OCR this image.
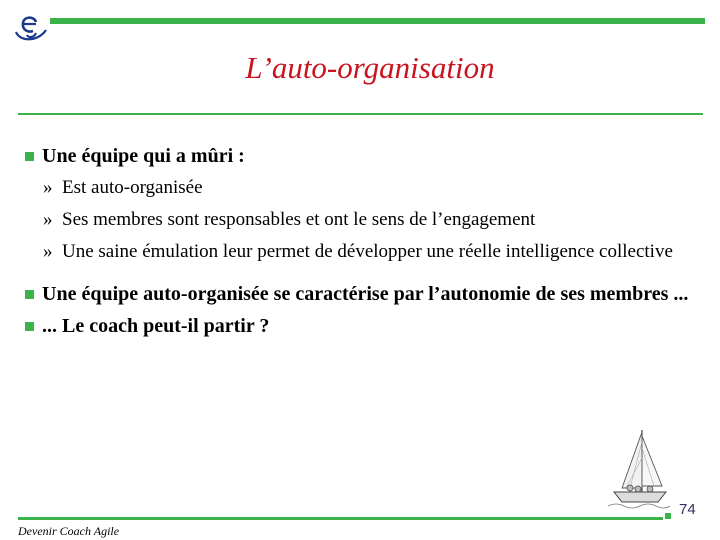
L’auto-organisation
Une équipe qui a mûri :
» Est auto-organisée
» Ses membres sont responsables et ont le sens de l’engagement
» Une saine émulation leur permet de développer une réelle intelligence collective
Une équipe auto-organisée se caractérise par l’autonomie de ses membres ...
... Le coach peut-il partir ?
74
Devenir Coach Agile
